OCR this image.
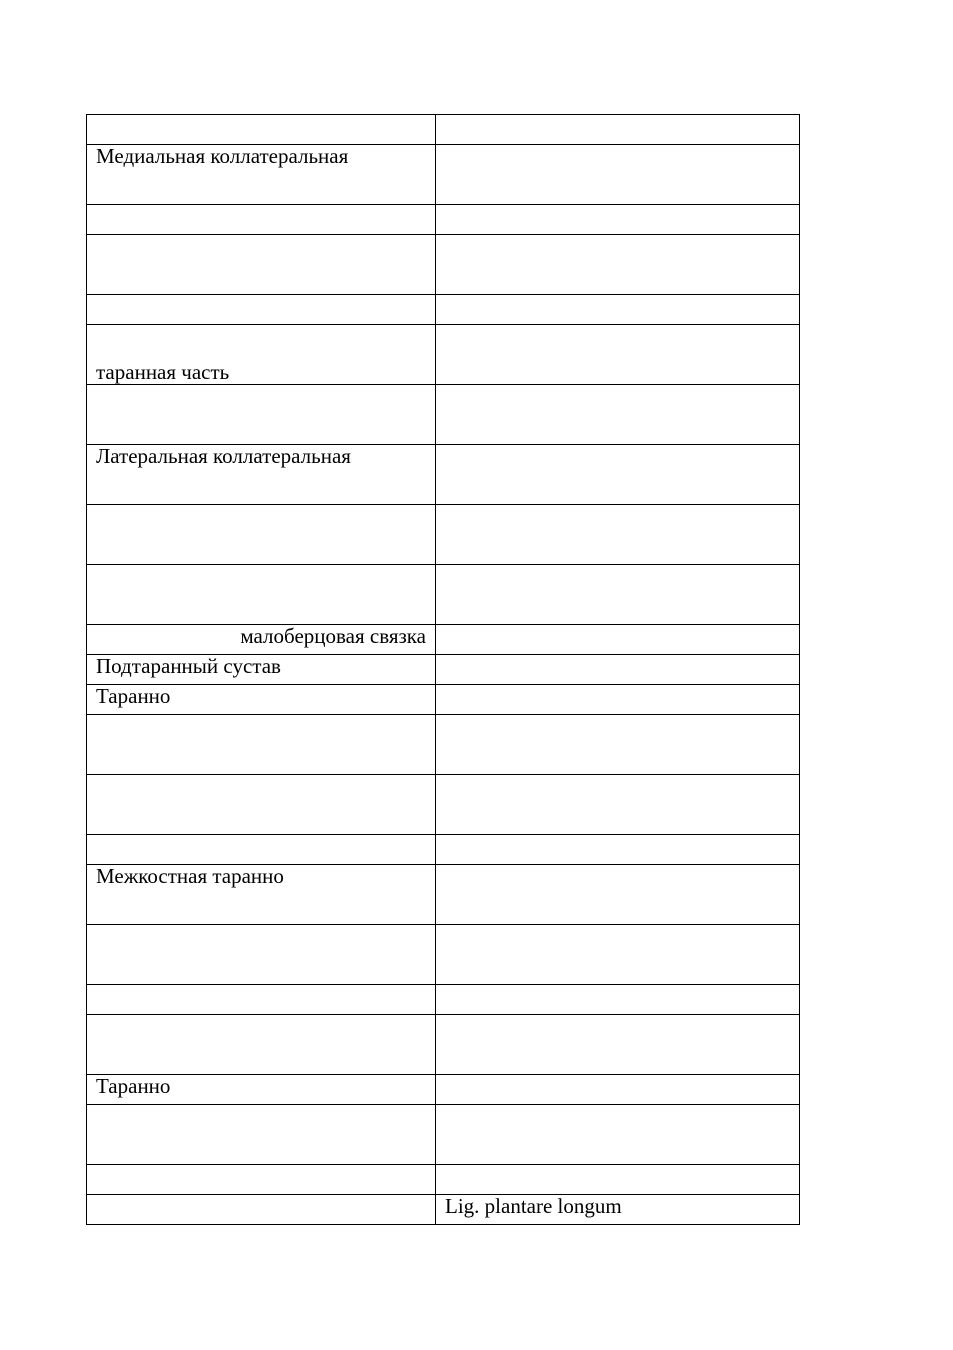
Медиальная коллатеральная	

таранная часть	

Латеральная коллатеральная	

малоберцовая связка	
Подтаранный сустав	
Таранно	

Межкостная таранно	

Таранно	

	Lig. plantare longum
